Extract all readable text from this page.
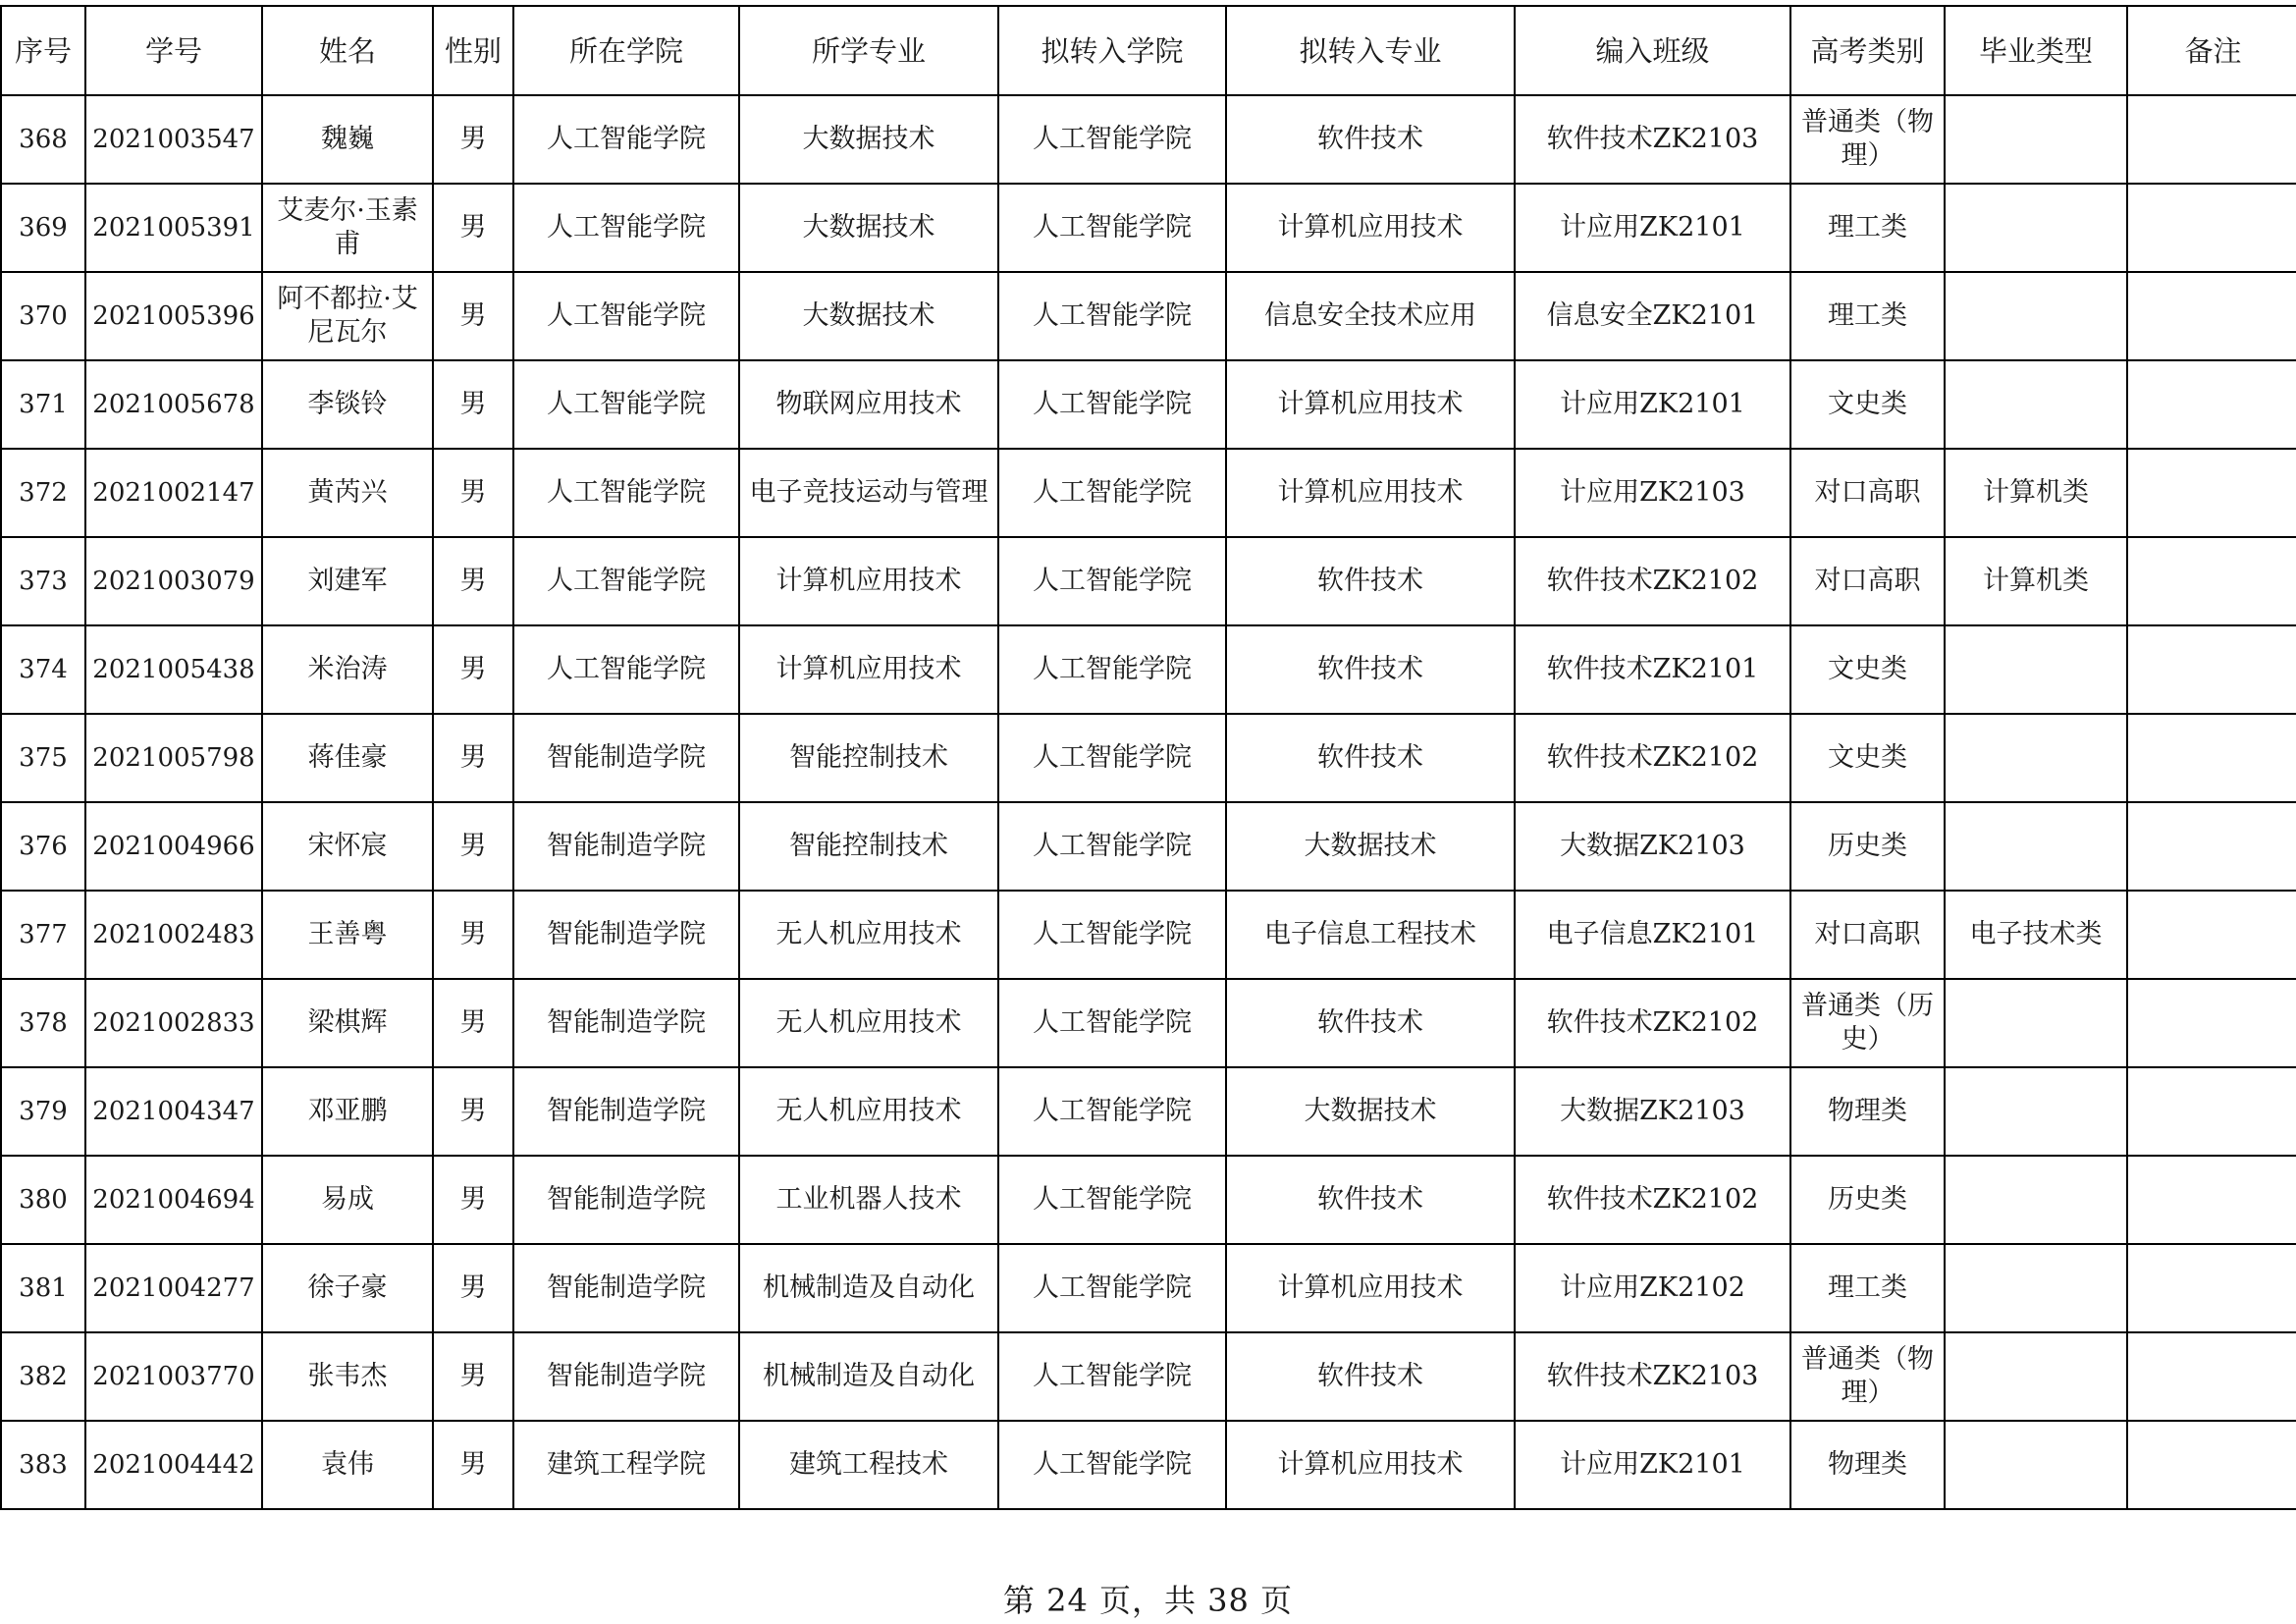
序号	学号	姓名	性别	所在学院	所学专业	拟转入学院	拟转入专业	编入班级	高考类别	毕业类型	备注
368	2021003547	魏巍	男	人工智能学院	大数据技术	人工智能学院	软件技术	软件技术ZK2103	普通类（物理）		
369	2021005391	艾麦尔·玉素甫	男	人工智能学院	大数据技术	人工智能学院	计算机应用技术	计应用ZK2101	理工类		
370	2021005396	阿不都拉·艾尼瓦尔	男	人工智能学院	大数据技术	人工智能学院	信息安全技术应用	信息安全ZK2101	理工类		
371	2021005678	李锬铃	男	人工智能学院	物联网应用技术	人工智能学院	计算机应用技术	计应用ZK2101	文史类		
372	2021002147	黄芮兴	男	人工智能学院	电子竞技运动与管理	人工智能学院	计算机应用技术	计应用ZK2103	对口高职	计算机类	
373	2021003079	刘建军	男	人工智能学院	计算机应用技术	人工智能学院	软件技术	软件技术ZK2102	对口高职	计算机类	
374	2021005438	米治涛	男	人工智能学院	计算机应用技术	人工智能学院	软件技术	软件技术ZK2101	文史类		
375	2021005798	蒋佳豪	男	智能制造学院	智能控制技术	人工智能学院	软件技术	软件技术ZK2102	文史类		
376	2021004966	宋怀宸	男	智能制造学院	智能控制技术	人工智能学院	大数据技术	大数据ZK2103	历史类		
377	2021002483	王善粤	男	智能制造学院	无人机应用技术	人工智能学院	电子信息工程技术	电子信息ZK2101	对口高职	电子技术类	
378	2021002833	梁棋辉	男	智能制造学院	无人机应用技术	人工智能学院	软件技术	软件技术ZK2102	普通类（历史）		
379	2021004347	邓亚鹏	男	智能制造学院	无人机应用技术	人工智能学院	大数据技术	大数据ZK2103	物理类		
380	2021004694	易成	男	智能制造学院	工业机器人技术	人工智能学院	软件技术	软件技术ZK2102	历史类		
381	2021004277	徐子豪	男	智能制造学院	机械制造及自动化	人工智能学院	计算机应用技术	计应用ZK2102	理工类		
382	2021003770	张韦杰	男	智能制造学院	机械制造及自动化	人工智能学院	软件技术	软件技术ZK2103	普通类（物理）		
383	2021004442	袁伟	男	建筑工程学院	建筑工程技术	人工智能学院	计算机应用技术	计应用ZK2101	物理类		
第 24 页，共 38 页
